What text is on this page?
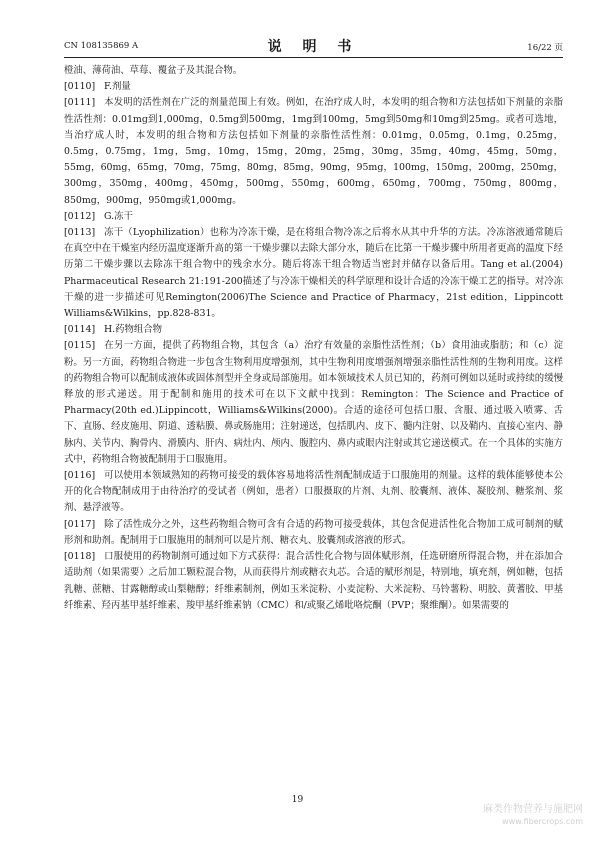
CN 108135869 A	说 明 书	16/22 页

橙油、薄荷油、草莓、覆盆子及其混合物。

[0110] F.剂量

[0111] 本发明的活性剂在广泛的剂量范围上有效。例如，在治疗成人时，本发明的组合物和方法包括如下剂量的亲脂性活性剂：0.01mg到1,000mg，0.5mg到500mg，1mg到100mg，5mg到50mg和10mg到25mg。或者可选地，当治疗成人时，本发明的组合物和方法包括如下剂量的亲脂性活性剂：0.01mg，0.05mg，0.1mg，0.25mg，0.5mg，0.75mg，1mg，5mg，10mg，15mg，20mg，25mg，30mg，35mg，40mg，45mg，50mg，55mg，60mg，65mg，70mg，75mg，80mg，85mg，90mg，95mg，100mg，150mg，200mg，250mg，300mg，350mg，400mg，450mg，500mg，550mg，600mg，650mg，700mg，750mg，800mg，850mg，900mg，950mg或1,000mg。

[0112] G.冻干

[0113] 冻干（Lyophilization）也称为冷冻干燥，是在将组合物冷冻之后将水从其中升华的方法。冷冻溶液通常随后在真空中在干燥室内经历温度逐渐升高的第一干燥步骤以去除大部分水，随后在比第一干燥步骤中所用者更高的温度下经历第二干燥步骤以去除冻干组合物中的残余水分。随后将冻干组合物适当密封并储存以备后用。Tang et al.(2004) Pharmaceutical Research 21:191-200描述了与冷冻干燥相关的科学原理和设计合适的冷冻干燥工艺的指导。对冷冻干燥的进一步描述可见Remington(2006)The Science and Practice of Pharmacy，21st edition，Lippincott Williams&Wilkins，pp.828-831。

[0114] H.药物组合物

[0115] 在另一方面，提供了药物组合物，其包含（a）治疗有效量的亲脂性活性剂；（b）食用油或脂肪；和（c）淀粉。另一方面，药物组合物进一步包含生物利用度增强剂，其中生物利用度增强剂增强亲脂性活性剂的生物利用度。这样的药物组合物可以配制成液体或固体剂型并全身或局部施用。如本领域技术人员已知的，药剂可例如以延时或持续的缓慢释放的形式递送。用于配制和施用的技术可在以下文献中找到：Remington：The Science and Practice of Pharmacy(20th ed.)Lippincott，Williams&Wilkins(2000)。合适的途径可包括口服、含服、通过吸入喷雾、舌下、直肠、经皮施用、阴道、透粘膜、鼻或肠施用；注射递送，包括肌内、皮下、髓内注射、以及鞘内、直接心室内、静脉内、关节内、胸骨内、滑膜内、肝内、病灶内、颅内、腹腔内、鼻内或眼内注射或其它递送模式。在一个具体的实施方式中，药物组合物被配制用于口服施用。

[0116] 可以使用本领域熟知的药物可接受的载体容易地将活性剂配制成适于口服施用的剂量。这样的载体能够使本公开的化合物配制成用于由待治疗的受试者（例如，患者）口服摄取的片剂、丸剂、胶囊剂、液体、凝胶剂、糖浆剂、浆剂、悬浮液等。

[0117] 除了活性成分之外，这些药物组合物可含有合适的药物可接受载体，其包含促进活性化合物加工成可制剂的赋形剂和助剂。配制用于口服施用的制剂可以是片剂、糖衣丸、胶囊剂或溶液的形式。

[0118] 口服使用的药物制剂可通过如下方式获得：混合活性化合物与固体赋形剂，任选研磨所得混合物，并在添加合适助剂（如果需要）之后加工颗粒混合物，从而获得片剂或糖衣丸芯。合适的赋形剂是，特别地，填充剂，例如糖，包括乳糖、蔗糖、甘露糖醇或山梨糖醇；纤维素制剂，例如玉米淀粉、小麦淀粉、大米淀粉、马铃薯粉、明胶、黄蓍胶、甲基纤维素、羟丙基甲基纤维素、羧甲基纤维素钠（CMC）和/或聚乙烯吡咯烷酮（PVP；聚维酮）。如果需要的

19
麻类作物营养与施肥网
www.fibercrops.com
